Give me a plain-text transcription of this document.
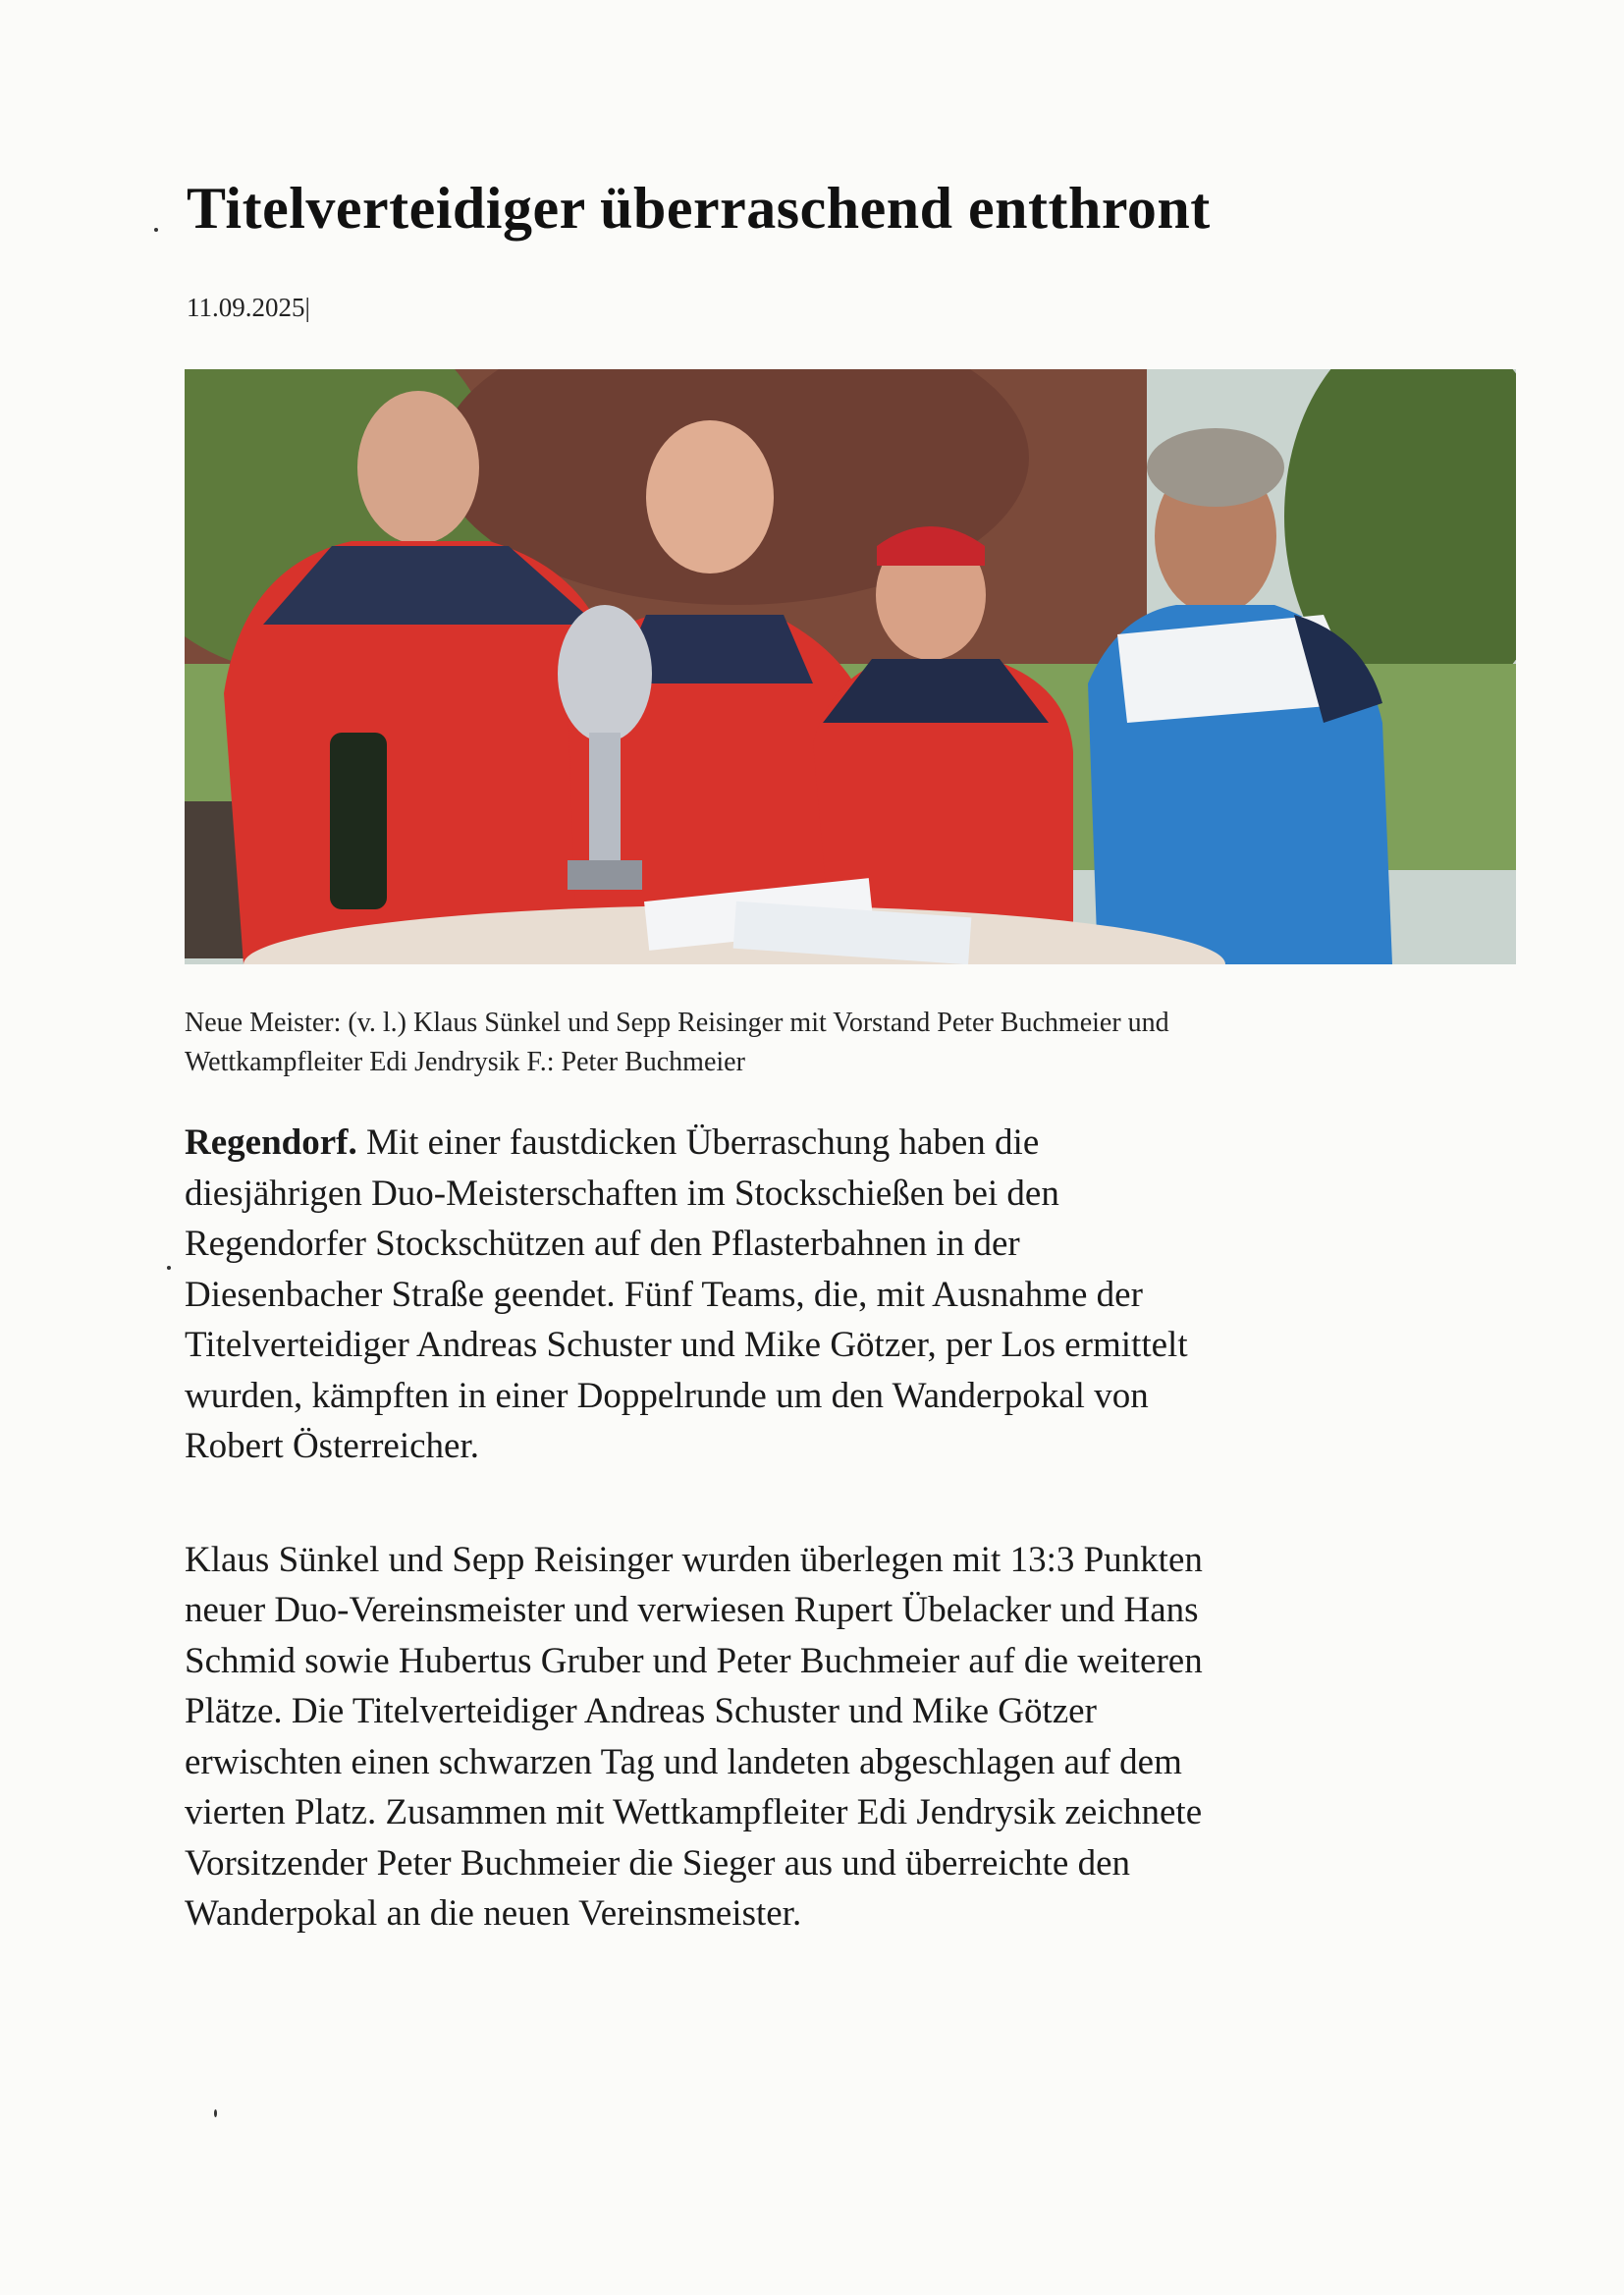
Titelverteidiger überraschend entthront
11.09.2025|

Neue Meister: (v. l.) Klaus Sünkel und Sepp Reisinger mit Vorstand Peter Buchmeier und

Wettkampfleiter Edi Jendrysik F.: Peter Buchmeier

Regendorf. Mit einer faustdicken Überraschung haben die
diesjährigen Duo-Meisterschaften im Stockschießen bei den
Regendorfer Stockschützen auf den Pflasterbahnen in der
Diesenbacher Straße geendet. Fünf Teams, die, mit Ausnahme der
Titelverteidiger Andreas Schuster und Mike Götzer, per Los ermittelt
wurden, kämpften in einer Doppelrunde um den Wanderpokal von
Robert Österreicher.

Klaus Sünkel und Sepp Reisinger wurden überlegen mit 13:3 Punkten
neuer Duo-Vereinsmeister und verwiesen Rupert Übelacker und Hans
Schmid sowie Hubertus Gruber und Peter Buchmeier auf die weiteren
Plätze. Die Titelverteidiger Andreas Schuster und Mike Götzer
erwischten einen schwarzen Tag und landeten abgeschlagen auf dem
vierten Platz. Zusammen mit Wettkampfleiter Edi Jendrysik zeichnete
Vorsitzender Peter Buchmeier die Sieger aus und überreichte den
Wanderpokal an die neuen Vereinsmeister.
